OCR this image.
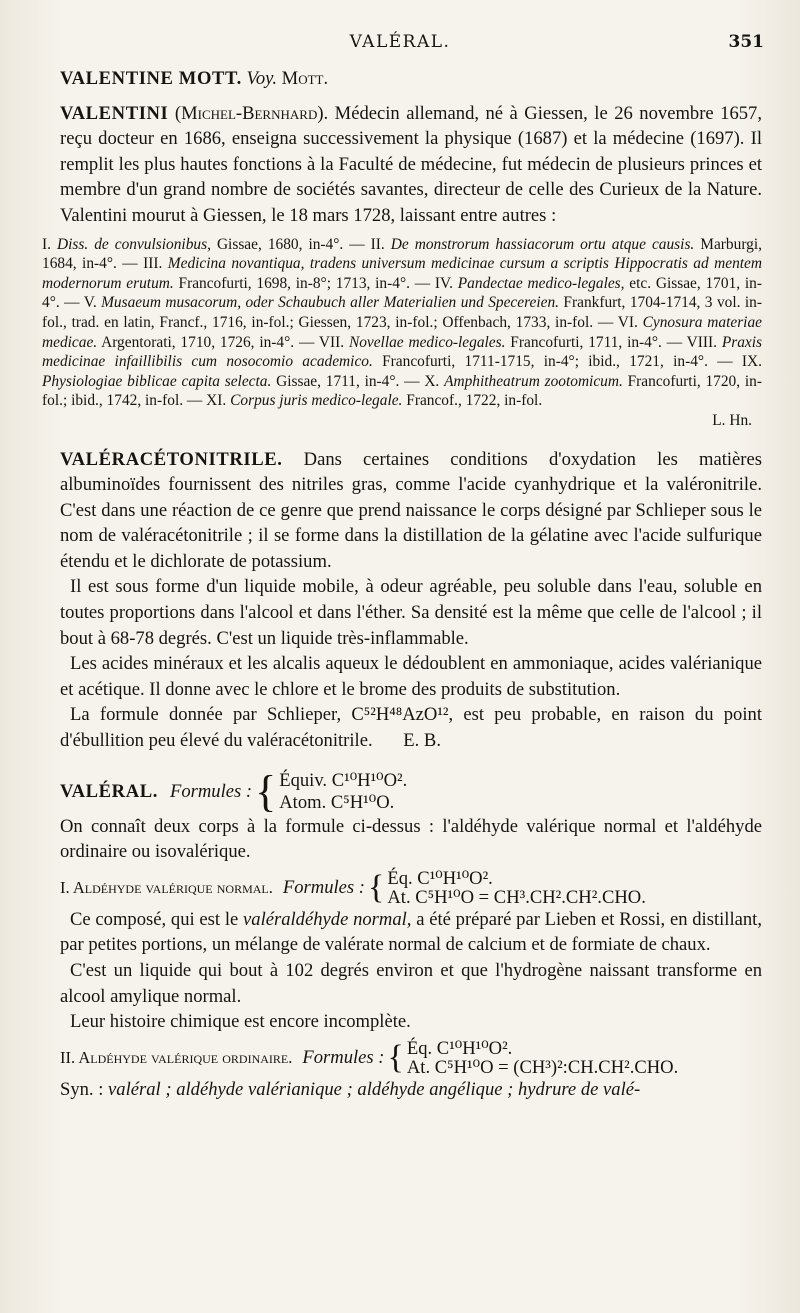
VALÉRAL.	351

VALENTINE MOTT. Voy. Mott.

VALENTINI (Michel-Bernhard). Médecin allemand, né à Giessen, le 26 novembre 1657, reçu docteur en 1686, enseigna successivement la physique (1687) et la médecine (1697). Il remplit les plus hautes fonctions à la Faculté de médecine, fut médecin de plusieurs princes et membre d'un grand nombre de sociétés savantes, directeur de celle des Curieux de la Nature. Valentini mourut à Giessen, le 18 mars 1728, laissant entre autres :

I. Diss. de convulsionibus, Gissae, 1680, in-4°. — II. De monstrorum hassiacorum ortu atque causis. Marburgi, 1684, in-4°. — III. Medicina novantiqua, tradens universum medicinae cursum a scriptis Hippocratis ad mentem modernorum erutum. Francofurti, 1698, in-8°; 1713, in-4°. — IV. Pandectae medico-legales, etc. Gissae, 1701, in-4°. — V. Musaeum musacorum, oder Schaubuch aller Materialien und Specereien. Frankfurt, 1704-1714, 3 vol. in-fol., trad. en latin, Francf., 1716, in-fol.; Giessen, 1723, in-fol.; Offenbach, 1733, in-fol. — VI. Cynosura materiae medicae. Argentorati, 1710, 1726, in-4°. — VII. Novellae medico-legales. Francofurti, 1711, in-4°. — VIII. Praxis medicinae infaillibilis cum nosocomio academico. Francofurti, 1711-1715, in-4°; ibid., 1721, in-4°. — IX. Physiologiae biblicae capita selecta. Gissae, 1711, in-4°. — X. Amphitheatrum zootomicum. Francofurti, 1720, in-fol.; ibid., 1742, in-fol. — XI. Corpus juris medico-legale. Francof., 1722, in-fol.

L. Hn.

VALÉRACÉTONITRILE. Dans certaines conditions d'oxydation les matières albuminoïdes fournissent des nitriles gras, comme l'acide cyanhydrique et la valéronitrile. C'est dans une réaction de ce genre que prend naissance le corps désigné par Schlieper sous le nom de valéracétonitrile ; il se forme dans la distillation de la gélatine avec l'acide sulfurique étendu et le dichlorate de potassium.

Il est sous forme d'un liquide mobile, à odeur agréable, peu soluble dans l'eau, soluble en toutes proportions dans l'alcool et dans l'éther. Sa densité est la même que celle de l'alcool ; il bout à 68-78 degrés. C'est un liquide très-inflammable.

Les acides minéraux et les alcalis aqueux le dédoublent en ammoniaque, acides valérianique et acétique. Il donne avec le chlore et le brome des produits de substitution.

La formule donnée par Schlieper, C⁵²H⁴⁸AzO¹², est peu probable, en raison du point d'ébullition peu élevé du valéracétonitrile. E. B.

VALÉRAL. Formules : { Équiv. C¹⁰H¹⁰O².
Atom. C⁵H¹⁰O.

On connaît deux corps à la formule ci-dessus : l'aldéhyde valérique normal et l'aldéhyde ordinaire ou isovalérique.

I. Aldéhyde valérique normal. Formules : { Éq. C¹⁰H¹⁰O².
At. C⁵H¹⁰O = CH³.CH².CH².CHO.

Ce composé, qui est le valéraldéhyde normal, a été préparé par Lieben et Rossi, en distillant, par petites portions, un mélange de valérate normal de calcium et de formiate de chaux.

C'est un liquide qui bout à 102 degrés environ et que l'hydrogène naissant transforme en alcool amylique normal.

Leur histoire chimique est encore incomplète.

II. Aldéhyde valérique ordinaire. Formules : { Éq. C¹⁰H¹⁰O².
At. C⁵H¹⁰O = (CH³)²:CH.CH².CHO.

Syn. : valéral ; aldéhyde valérianique ; aldéhyde angélique ; hydrure de valé-
